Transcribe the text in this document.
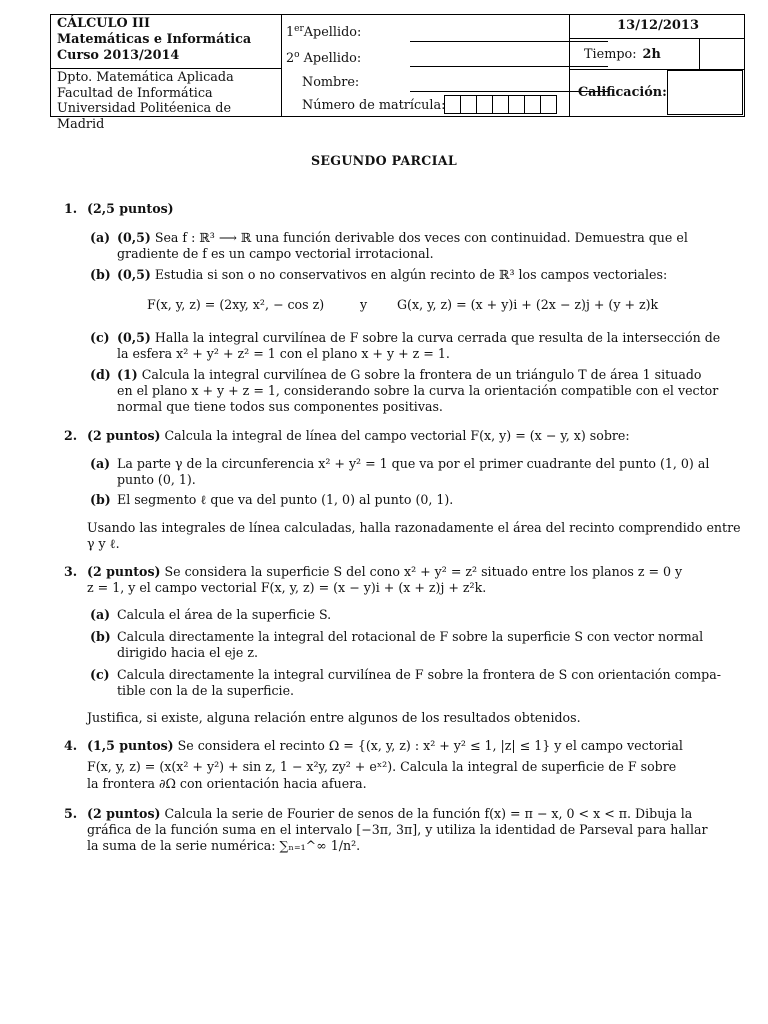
CÁLCULO III
Matemáticas e Informática
Curso 2013/2014
Dpto. Matemática Aplicada
Facultad de Informática
Universidad Politéenica de Madrid
1erApellido:
2$^o$ Apellido:
Nombre:
Número de matrícula:
13/12/2013
Tiempo: 2h
Calificación:
SEGUNDO PARCIAL
1. (2,5 puntos)
(a) (0,5) Sea f : ℝ³ ⟶ ℝ una función derivable dos veces con continuidad. Demuestra que el
gradiente de f es un campo vectorial irrotacional.
(b) (0,5) Estudia si son o no conservativos en algún recinto de ℝ³ los campos vectoriales:
F(x, y, z) = (2xy, x², − cos z)	y G(x, y, z) = (x + y)i + (2x − z)j + (y + z)k
(c) (0,5) Halla la integral curvilínea de F sobre la curva cerrada que resulta de la intersección de
la esfera x² + y² + z² = 1 con el plano x + y + z = 1.
(d) (1) Calcula la integral curvilínea de G sobre la frontera de un triángulo T de área 1 situado
en el plano x + y + z = 1, considerando sobre la curva la orientación compatible con el vector
normal que tiene todos sus componentes positivas.
2. (2 puntos) Calcula la integral de línea del campo vectorial F(x, y) = (x − y, x) sobre:
(a) La parte γ de la circunferencia x² + y² = 1 que va por el primer cuadrante del punto (1, 0) al
punto (0, 1).
(b) El segmento ℓ que va del punto (1, 0) al punto (0, 1).
Usando las integrales de línea calculadas, halla razonadamente el área del recinto comprendido entre
γ y ℓ.
3. (2 puntos) Se considera la superficie S del cono x² + y² = z² situado entre los planos z = 0 y
z = 1, y el campo vectorial F(x, y, z) = (x − y)i + (x + z)j + z²k.
(a) Calcula el área de la superficie S.
(b) Calcula directamente la integral del rotacional de F sobre la superficie S con vector normal
dirigido hacia el eje z.
(c) Calcula directamente la integral curvilínea de F sobre la frontera de S con orientación compa-
tible con la de la superficie.
Justifica, si existe, alguna relación entre algunos de los resultados obtenidos.
4. (1,5 puntos) Se considera el recinto Ω = {(x, y, z) : x² + y² ≤ 1, |z| ≤ 1} y el campo vectorial
F(x, y, z) = (x(x² + y²) + sin z, 1 − x²y, zy² + eˣ²). Calcula la integral de superficie de F sobre
la frontera ∂Ω con orientación hacia afuera.
5. (2 puntos) Calcula la serie de Fourier de senos de la función f(x) = π − x, 0 < x < π. Dibuja la
gráfica de la función suma en el intervalo [−3π, 3π], y utiliza la identidad de Parseval para hallar
la suma de la serie numérica: ∑ₙ₌₁^∞ 1/n².
